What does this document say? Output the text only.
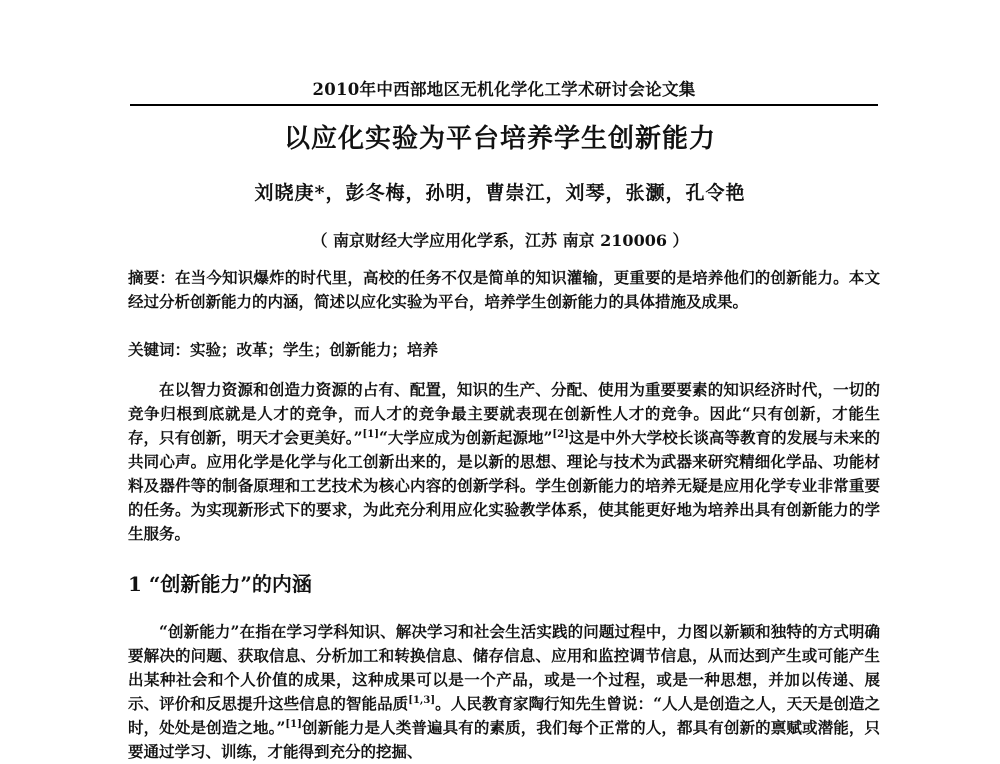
2010年中西部地区无机化学化工学术研讨会论文集
以应化实验为平台培养学生创新能力
刘晓庚*，彭冬梅，孙明，曹崇江，刘琴，张灏，孔令艳
（ 南京财经大学应用化学系，江苏 南京 210006 ）
摘要：在当今知识爆炸的时代里，高校的任务不仅是简单的知识灌输，更重要的是培养他们的创新能力。本文经过分析创新能力的内涵，简述以应化实验为平台，培养学生创新能力的具体措施及成果。
关键词：实验；改革；学生；创新能力；培养
在以智力资源和创造力资源的占有、配置，知识的生产、分配、使用为重要要素的知识经济时代，一切的竞争归根到底就是人才的竞争，而人才的竞争最主要就表现在创新性人才的竞争。因此“只有创新，才能生存，只有创新，明天才会更美好。”[1]“大学应成为创新起源地”[2]这是中外大学校长谈高等教育的发展与未来的共同心声。应用化学是化学与化工创新出来的，是以新的思想、理论与技术为武器来研究精细化学品、功能材料及器件等的制备原理和工艺技术为核心内容的创新学科。学生创新能力的培养无疑是应用化学专业非常重要的任务。为实现新形式下的要求，为此充分利用应化实验教学体系，使其能更好地为培养出具有创新能力的学生服务。
1 “创新能力”的内涵
“创新能力”在指在学习学科知识、解决学习和社会生活实践的问题过程中，力图以新颖和独特的方式明确要解决的问题、获取信息、分析加工和转换信息、储存信息、应用和监控调节信息，从而达到产生或可能产生出某种社会和个人价值的成果，这种成果可以是一个产品，或是一个过程，或是一种思想，并加以传递、展示、评价和反思提升这些信息的智能品质[1,3]。人民教育家陶行知先生曾说：“人人是创造之人，天天是创造之时，处处是创造之地。”[1]创新能力是人类普遍具有的素质，我们每个正常的人，都具有创新的禀赋或潜能，只要通过学习、训练，才能得到充分的挖掘、
